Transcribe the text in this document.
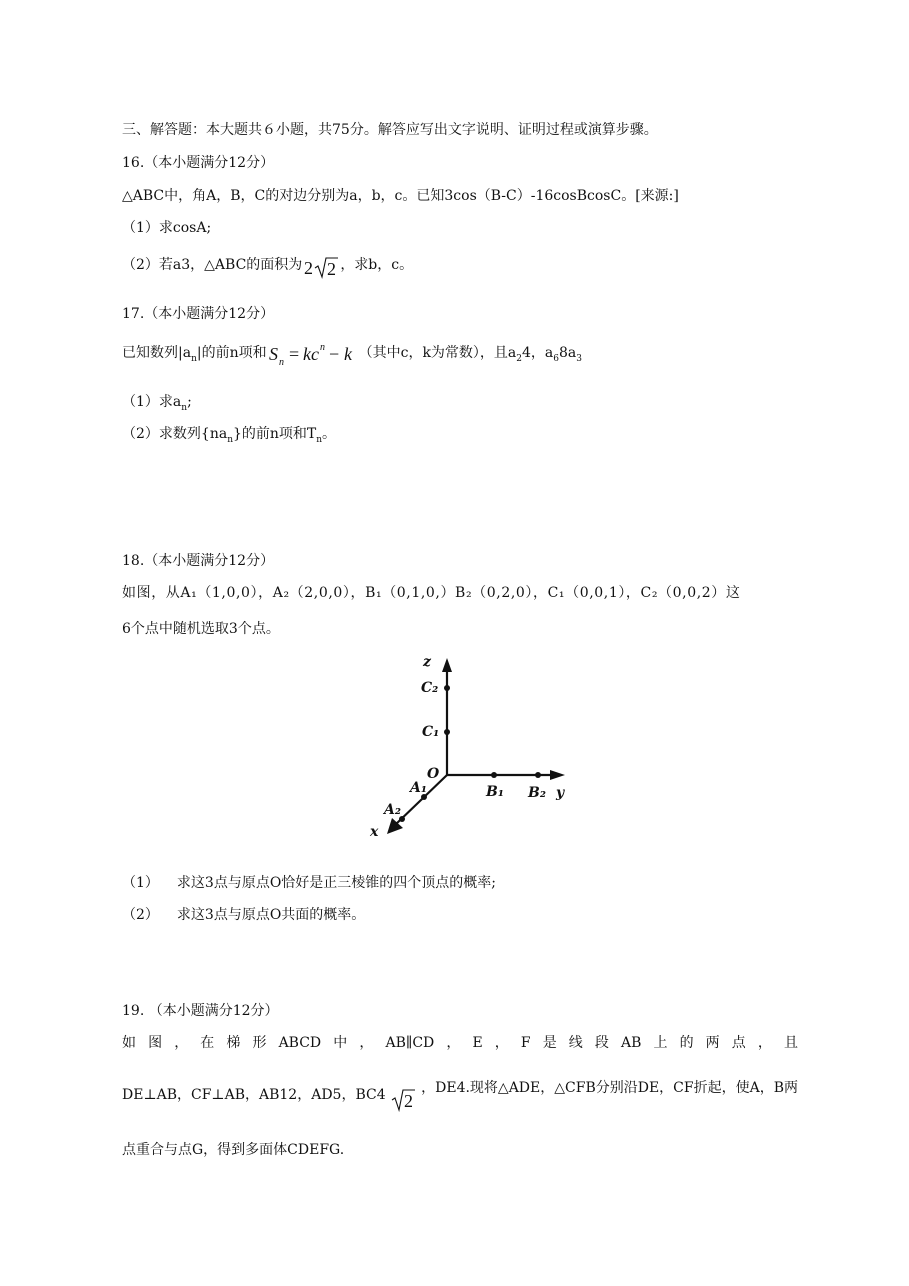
三、解答题：本大题共６小题，共75分。解答应写出文字说明、证明过程或演算步骤。
16.（本小题满分12分）
△ABC中，角A，B，C的对边分别为a，b，c。已知3cos（B-C）-16cosBcosC。[来源:]
（1）求cosA;
（2）若a3，△ABC的面积为 2 2 ，求b，c。
17.（本小题满分12分）
已知数列$|a_n|$的前n项和 S n = kc n − k （其中c，k为常数），且$a_24$，$a_68a_3$
（1）求$a_n$;
（2）求数列$\{na_n\}$的前n项和$T_n$。
18.（本小题满分12分）
如图，从A₁（1,0,0），A₂（2,0,0），B₁（0,1,0,）B₂（0,2,0），C₁（0,0,1），C₂（0,0,2）这
6个点中随机选取3个点。
z
C₂
C₁
O
A₁
A₂
x
B₁ B₂ y
（1） 求这3点与原点O恰好是正三棱锥的四个顶点的概率;
（2） 求这3点与原点O共面的概率。
19. （本小题满分12分）
如 图 ， 在 梯 形 ABCD 中 ， AB∥CD ， E ， F 是 线 段 AB 上 的 两 点 ， 且
DE⊥AB，CF⊥AB，AB12，AD5，BC4 2
，DE4.现将△ADE，△CFB分别沿DE，CF折起，使A，B两
点重合与点G，得到多面体CDEFG.
